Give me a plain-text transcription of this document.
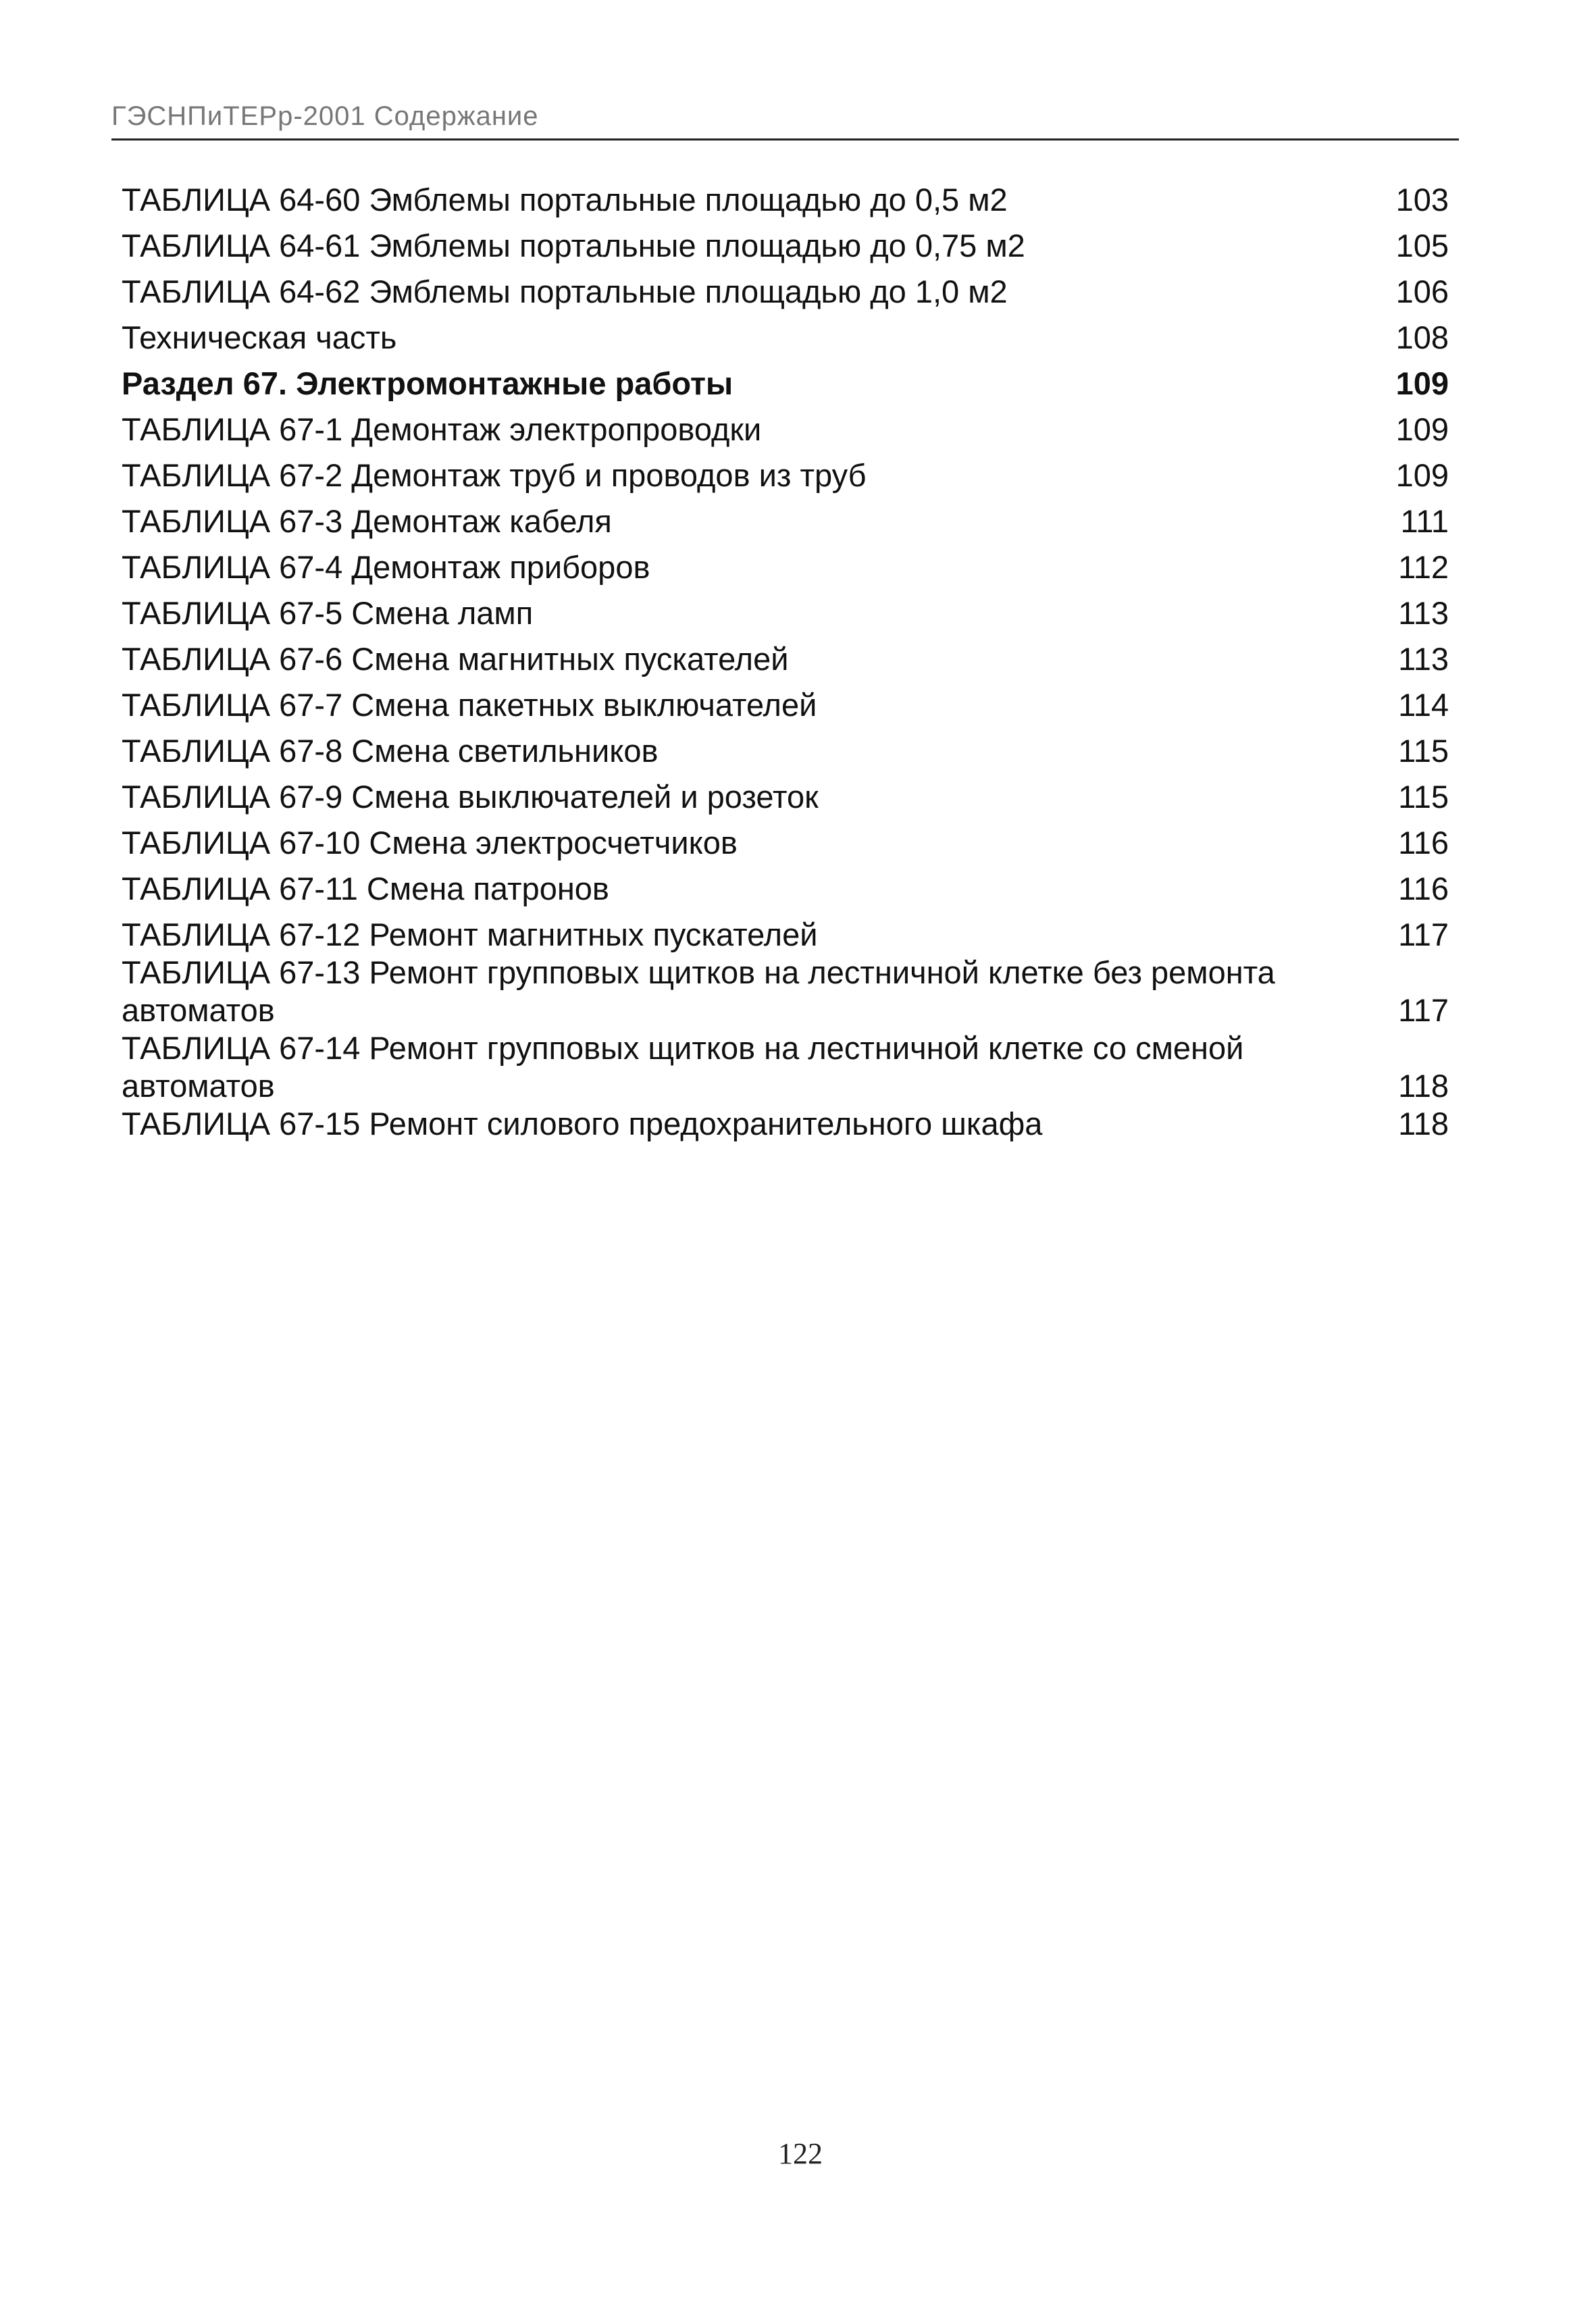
ГЭСНПиТЕРр-2001 Содержание
ТАБЛИЦА 64-60 Эмблемы портальные площадью до 0,5 м2	103
ТАБЛИЦА 64-61 Эмблемы портальные площадью до 0,75 м2	105
ТАБЛИЦА 64-62 Эмблемы портальные площадью до 1,0 м2	106
Техническая часть	108
Раздел 67. Электромонтажные работы	109
ТАБЛИЦА 67-1 Демонтаж электропроводки	109
ТАБЛИЦА 67-2 Демонтаж труб и проводов из труб	109
ТАБЛИЦА 67-3 Демонтаж кабеля	111
ТАБЛИЦА 67-4 Демонтаж приборов	112
ТАБЛИЦА 67-5 Смена ламп	113
ТАБЛИЦА 67-6 Смена магнитных пускателей	113
ТАБЛИЦА 67-7 Смена пакетных выключателей	114
ТАБЛИЦА 67-8 Смена светильников	115
ТАБЛИЦА 67-9 Смена выключателей и розеток	115
ТАБЛИЦА 67-10 Смена электросчетчиков	116
ТАБЛИЦА 67-11 Смена патронов	116
ТАБЛИЦА 67-12 Ремонт магнитных пускателей	117
ТАБЛИЦА 67-13 Ремонт групповых щитков на лестничной клетке без ремонта автоматов	117
ТАБЛИЦА 67-14 Ремонт групповых щитков на лестничной клетке со сменой автоматов	118
ТАБЛИЦА 67-15 Ремонт силового предохранительного шкафа	118
122
